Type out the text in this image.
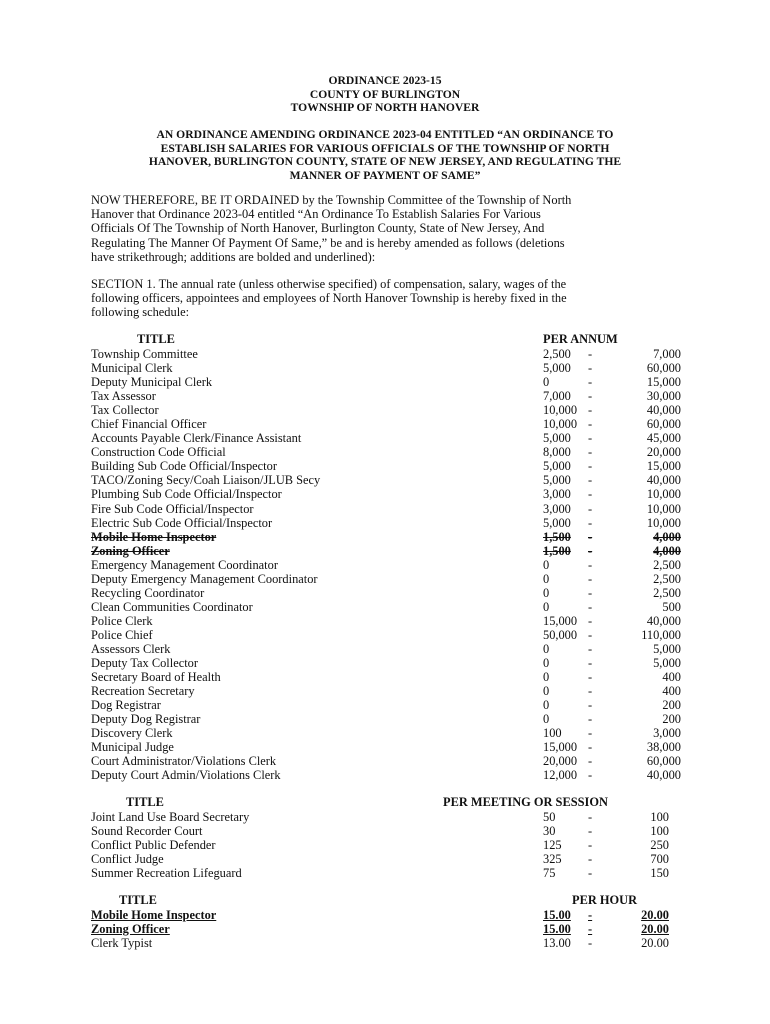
ORDINANCE 2023-15
COUNTY OF BURLINGTON
TOWNSHIP OF NORTH HANOVER
AN ORDINANCE AMENDING ORDINANCE 2023-04 ENTITLED “AN ORDINANCE TO
ESTABLISH SALARIES FOR VARIOUS OFFICIALS OF THE TOWNSHIP OF NORTH
HANOVER, BURLINGTON COUNTY, STATE OF NEW JERSEY, AND REGULATING THE
MANNER OF PAYMENT OF SAME”
NOW THEREFORE, BE IT ORDAINED by the Township Committee of the Township of North
Hanover that Ordinance 2023-04 entitled “An Ordinance To Establish Salaries For Various
Officials Of The Township of North Hanover, Burlington County, State of New Jersey, And
Regulating The Manner Of Payment Of Same,” be and is hereby amended as follows (deletions
have strikethrough; additions are bolded and underlined):
SECTION 1. The annual rate (unless otherwise specified) of compensation, salary, wages of the
following officers, appointees and employees of North Hanover Township is hereby fixed in the
following schedule:
TITLE	PER ANNUM
Township Committee	2,500 -	7,000
Municipal Clerk	5,000 -	60,000
Deputy Municipal Clerk	0	-	15,000
Tax Assessor	7,000 -	30,000
Tax Collector	10,000 -	40,000
Chief Financial Officer	10,000 -	60,000
Accounts Payable Clerk/Finance Assistant	5,000 -	45,000
Construction Code Official	8,000 -	20,000
Building Sub Code Official/Inspector	5,000 -	15,000
TACO/Zoning Secy/Coah Liaison/JLUB Secy	5,000 -	40,000
Plumbing Sub Code Official/Inspector	3,000 -	10,000
Fire Sub Code Official/Inspector	3,000 -	10,000
Electric Sub Code Official/Inspector	5,000 -	10,000
Mobile Home Inspector	1,500 -	4,000
Zoning Officer	1,500 -	4,000
Emergency Management Coordinator	0	-	2,500
Deputy Emergency Management Coordinator	0	-	2,500
Recycling Coordinator	0	-	2,500
Clean Communities Coordinator	0	-	500
Police Clerk	15,000 -	40,000
Police Chief	50,000 -	110,000
Assessors Clerk	0	-	5,000
Deputy Tax Collector	0	-	5,000
Secretary Board of Health	0	-	400
Recreation Secretary	0	-	400
Dog Registrar	0	-	200
Deputy Dog Registrar	0	-	200
Discovery Clerk	100 -	3,000
Municipal Judge	15,000 -	38,000
Court Administrator/Violations Clerk	20,000 -	60,000
Deputy Court Admin/Violations Clerk	12,000 -	40,000
TITLE	PER MEETING OR SESSION
Joint Land Use Board Secretary	50	-	100
Sound Recorder Court	30	-	100
Conflict Public Defender	125 -	250
Conflict Judge	325 -	700
Summer Recreation Lifeguard	75	-	150
TITLE	PER HOUR
Mobile Home Inspector	15.00 -	20.00
Zoning Officer	15.00 -	20.00
Clerk Typist	13.00 -	20.00
